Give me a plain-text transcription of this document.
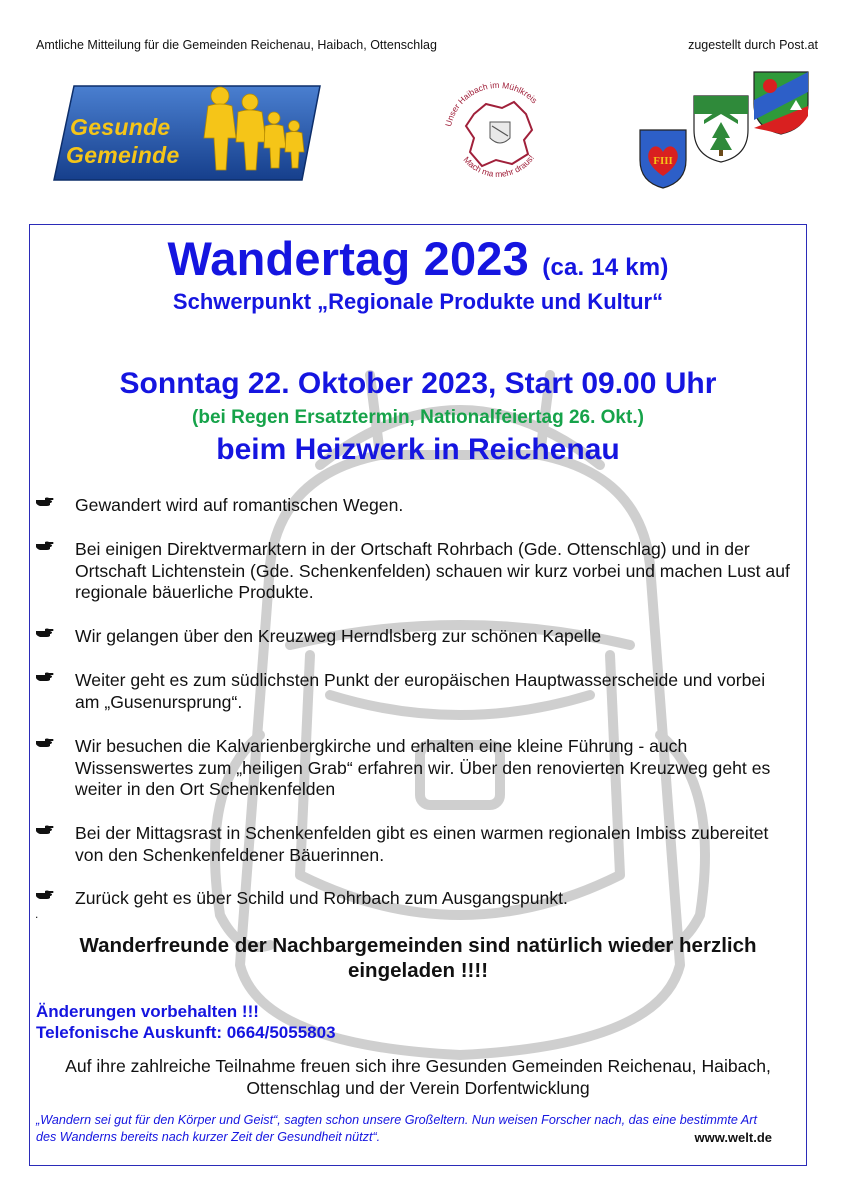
Amtliche Mitteilung für die Gemeinden Reichenau, Haibach, Ottenschlag	zugestellt durch Post.at
Gesunde
Gemeinde
Unser Haibach im Mühlkreis
Mach ma mehr draus!	FIII
Wandertag 2023 (ca. 14 km)
Schwerpunkt „Regionale Produkte und Kultur“
Sonntag 22. Oktober 2023, Start 09.00 Uhr
(bei Regen Ersatztermin, Nationalfeiertag 26. Okt.)
beim Heizwerk in Reichenau
Gewandert wird auf romantischen Wegen.
Bei einigen Direktvermarktern in der Ortschaft Rohrbach (Gde. Ottenschlag) und in der Ortschaft Lichtenstein (Gde. Schenkenfelden) schauen wir kurz vorbei und machen Lust auf regionale bäuerliche Produkte.
Wir gelangen über den Kreuzweg Herndlsberg zur schönen Kapelle
Weiter geht es zum südlichsten Punkt der europäischen Hauptwasserscheide und vorbei am „Gusenursprung“.
Wir besuchen die Kalvarienbergkirche und erhalten eine kleine Führung - auch Wissenswertes zum „heiligen Grab“ erfahren wir. Über den renovierten Kreuzweg geht es weiter in den Ort Schenkenfelden
Bei der Mittagsrast in Schenkenfelden gibt es einen warmen regionalen Imbiss zubereitet von den Schenkenfeldener Bäuerinnen.
Zurück geht es über Schild und Rohrbach zum Ausgangspunkt.
.
Wanderfreunde der Nachbargemeinden sind natürlich wieder herzlich eingeladen !!!!
Änderungen vorbehalten !!!
Telefonische Auskunft: 0664/5055803
Auf ihre zahlreiche Teilnahme freuen sich ihre Gesunden Gemeinden Reichenau, Haibach, Ottenschlag und der Verein Dorfentwicklung
„Wandern sei gut für den Körper und Geist“, sagten schon unsere Großeltern. Nun weisen Forscher nach, das eine bestimmte Art des Wanderns bereits nach kurzer Zeit der Gesundheit nützt“.	www.welt.de
